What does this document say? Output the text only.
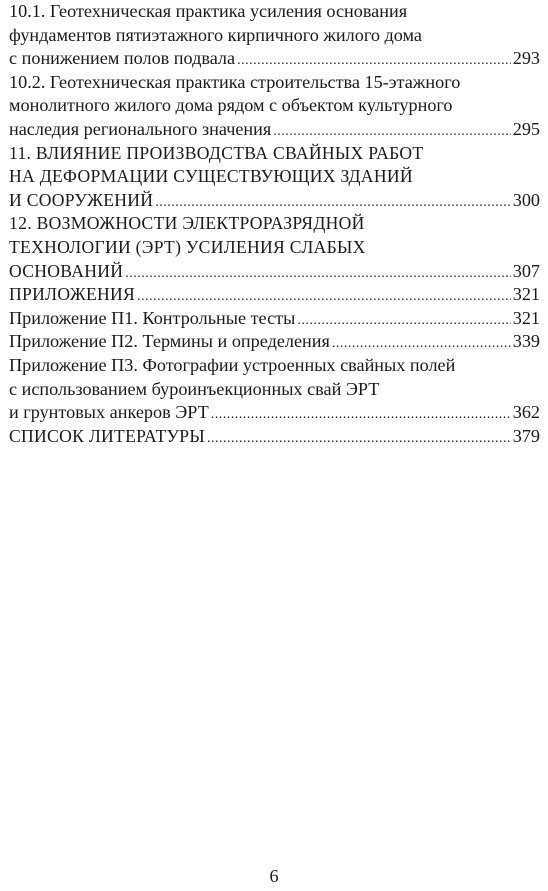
10.1. Геотехническая практика усиления основания
фундаментов пятиэтажного кирпичного жилого дома
с понижением полов подвала .....	293
10.2. Геотехническая практика строительства 15-этажного
монолитного жилого дома рядом с объектом культурного
наследия регионального значения .....	295
11. ВЛИЯНИЕ ПРОИЗВОДСТВА СВАЙНЫХ РАБОТ
НА ДЕФОРМАЦИИ СУЩЕСТВУЮЩИХ ЗДАНИЙ
И СООРУЖЕНИЙ .....	300
12. ВОЗМОЖНОСТИ ЭЛЕКТРОРАЗРЯДНОЙ
ТЕХНОЛОГИИ (ЭРТ) УСИЛЕНИЯ СЛАБЫХ
ОСНОВАНИЙ .....	307
ПРИЛОЖЕНИЯ .....	321
Приложение П1. Контрольные тесты .....	321
Приложение П2. Термины и определения .....	339
Приложение П3. Фотографии устроенных свайных полей
с использованием буроинъекционных свай ЭРТ
и грунтовых анкеров ЭРТ .....	362
СПИСОК ЛИТЕРАТУРЫ .....	379
6
